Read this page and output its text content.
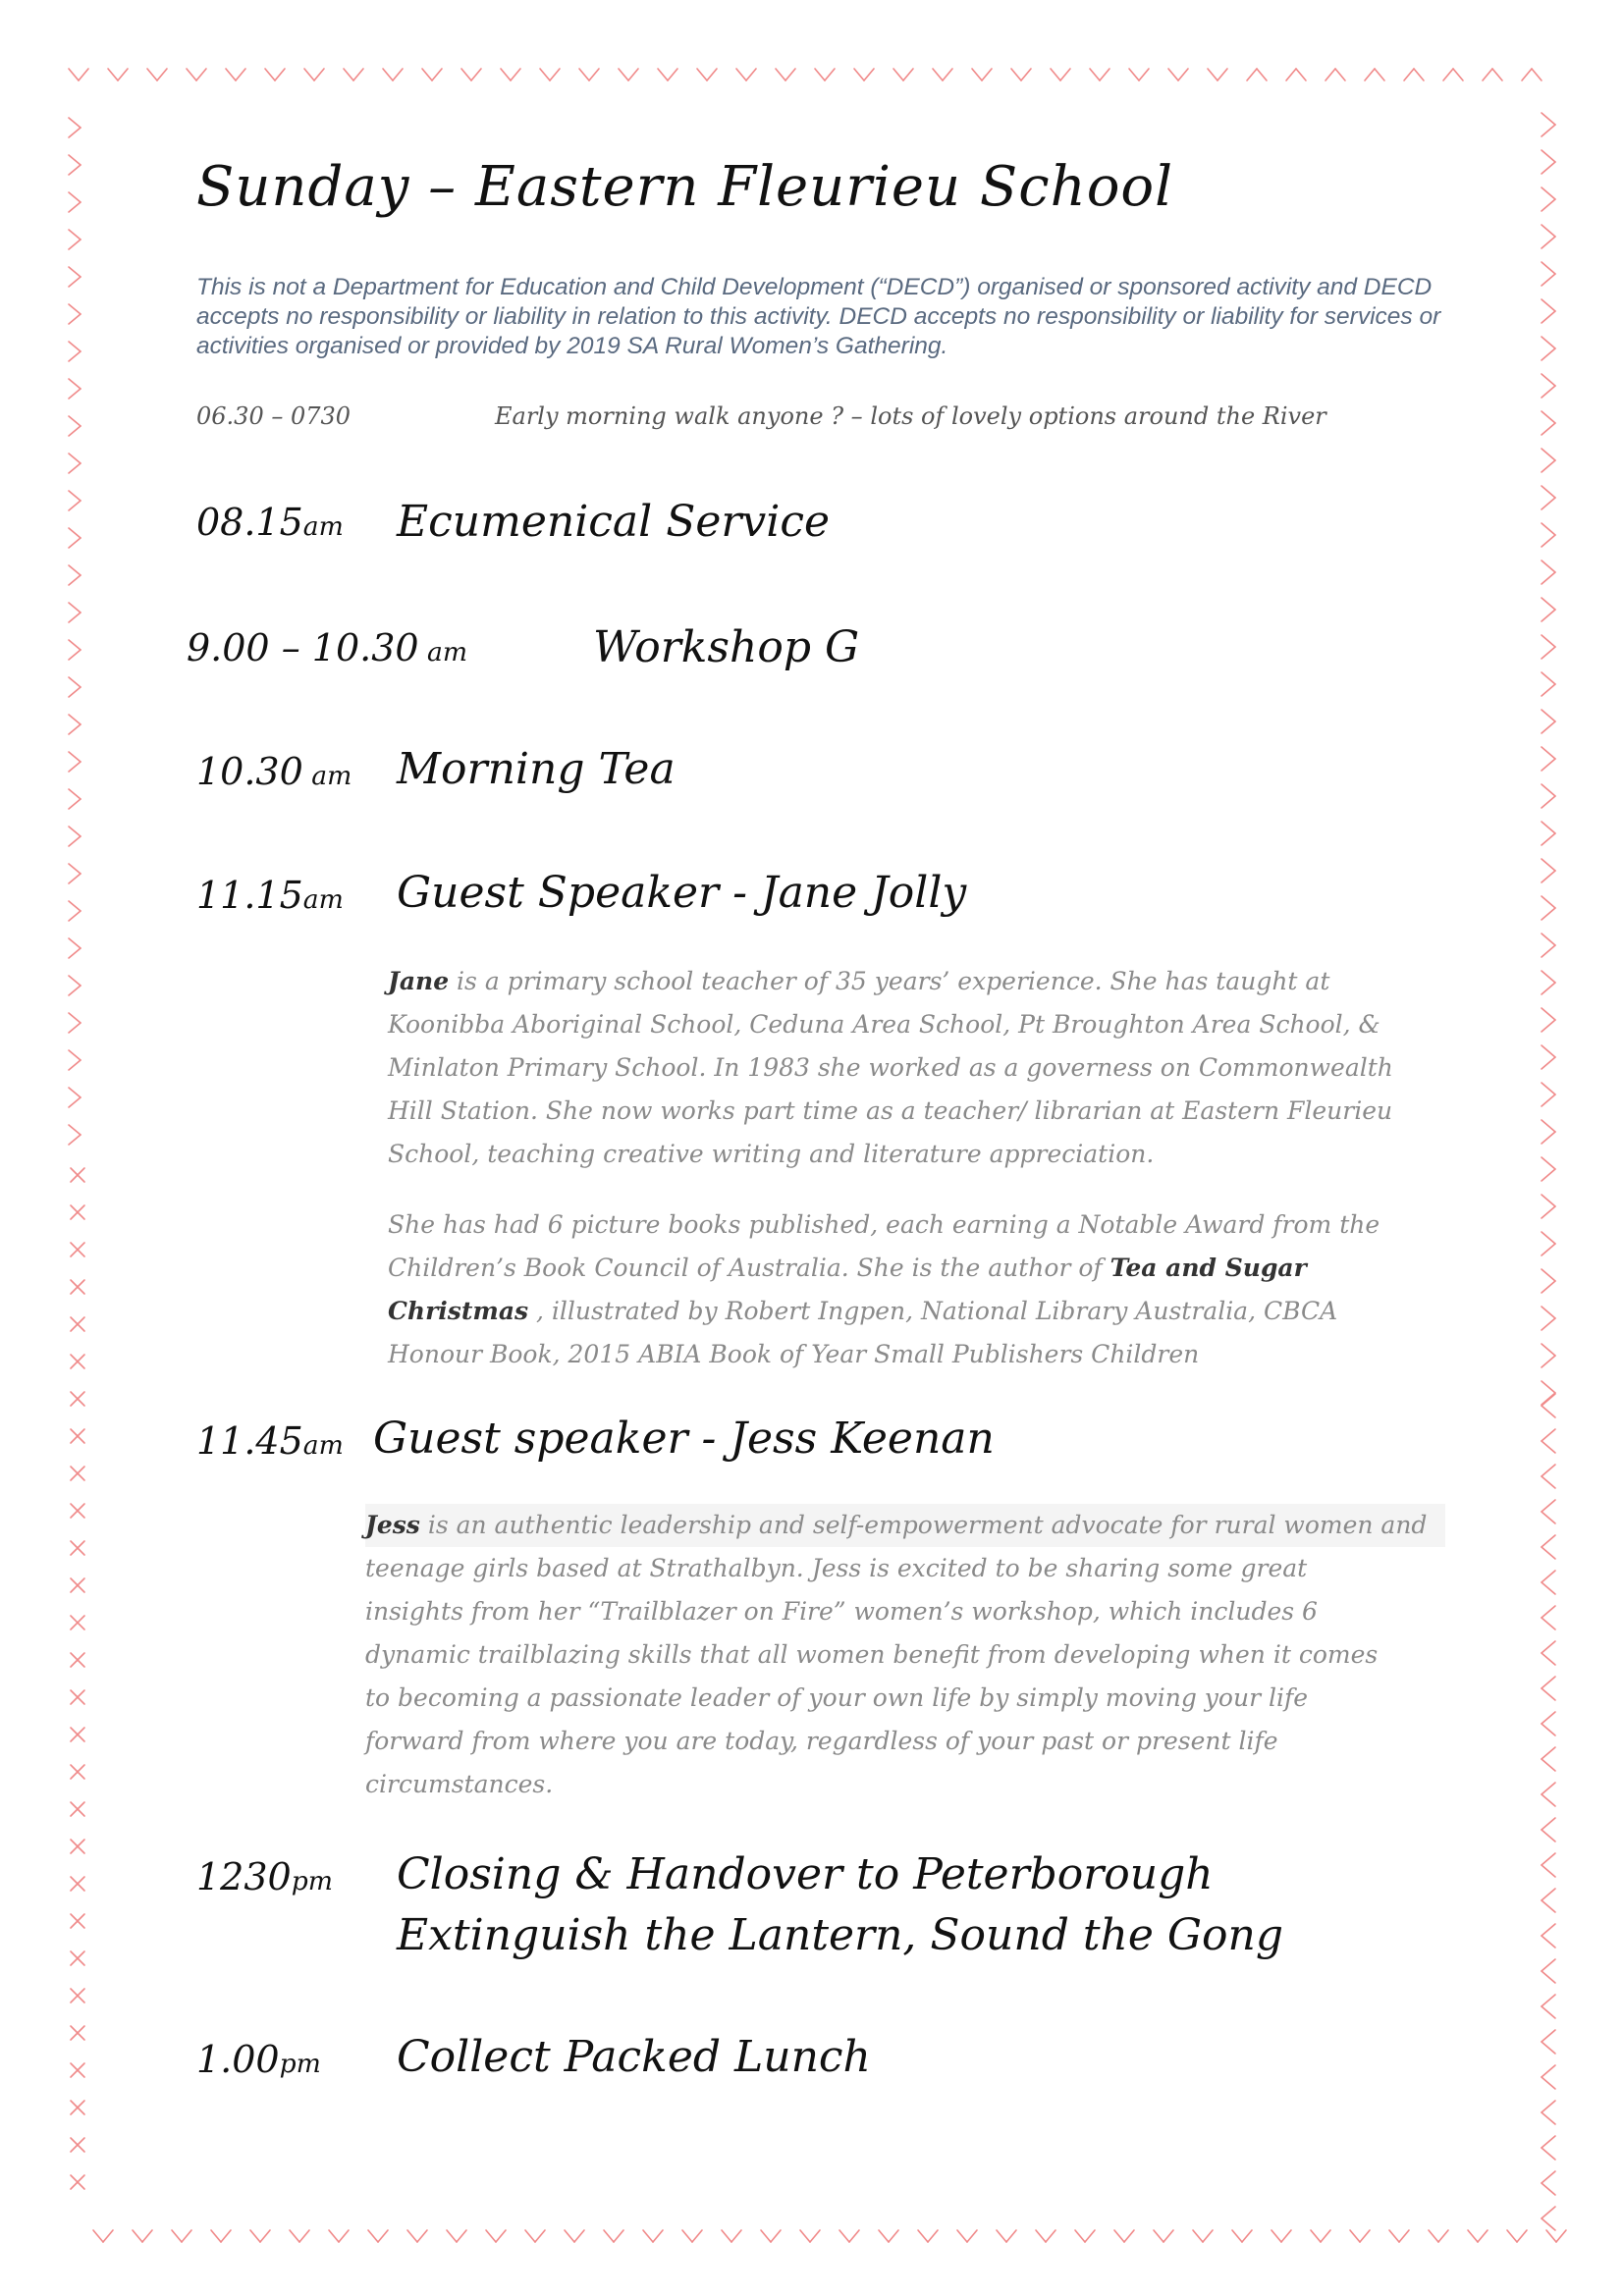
Sunday – Eastern Fleurieu School

This is not a Department for Education and Child Development (“DECD”) organised or sponsored activity and DECD accepts no responsibility or liability in relation to this activity. DECD accepts no responsibility or liability for services or activities organised or provided by 2019 SA Rural Women’s Gathering.

06.30 – 0730	Early morning walk anyone ? – lots of lovely options around the River
08.15am Ecumenical Service
9.00 – 10.30 am	Workshop G
10.30 am Morning Tea
11.15am Guest Speaker - Jane Jolly
Jane is a primary school teacher of 35 years’ experience. She has taught at
Koonibba Aboriginal School, Ceduna Area School, Pt Broughton Area School, &
Minlaton Primary School. In 1983 she worked as a governess on Commonwealth
Hill Station. She now works part time as a teacher/ librarian at Eastern Fleurieu
School, teaching creative writing and literature appreciation.
She has had 6 picture books published, each earning a Notable Award from the
Children’s Book Council of Australia. She is the author of Tea and Sugar
Christmas , illustrated by Robert Ingpen, National Library Australia, CBCA
Honour Book, 2015 ABIA Book of Year Small Publishers Children
11.45am Guest speaker - Jess Keenan
Jess is an authentic leadership and self-empowerment advocate for rural women and
teenage girls based at Strathalbyn. Jess is excited to be sharing some great
insights from her “Trailblazer on Fire” women’s workshop, which includes 6
dynamic trailblazing skills that all women benefit from developing when it comes
to becoming a passionate leader of your own life by simply moving your life
forward from where you are today, regardless of your past or present life
circumstances.
1230pm Closing & Handover to Peterborough
Extinguish the Lantern, Sound the Gong
1.00pm Collect Packed Lunch
